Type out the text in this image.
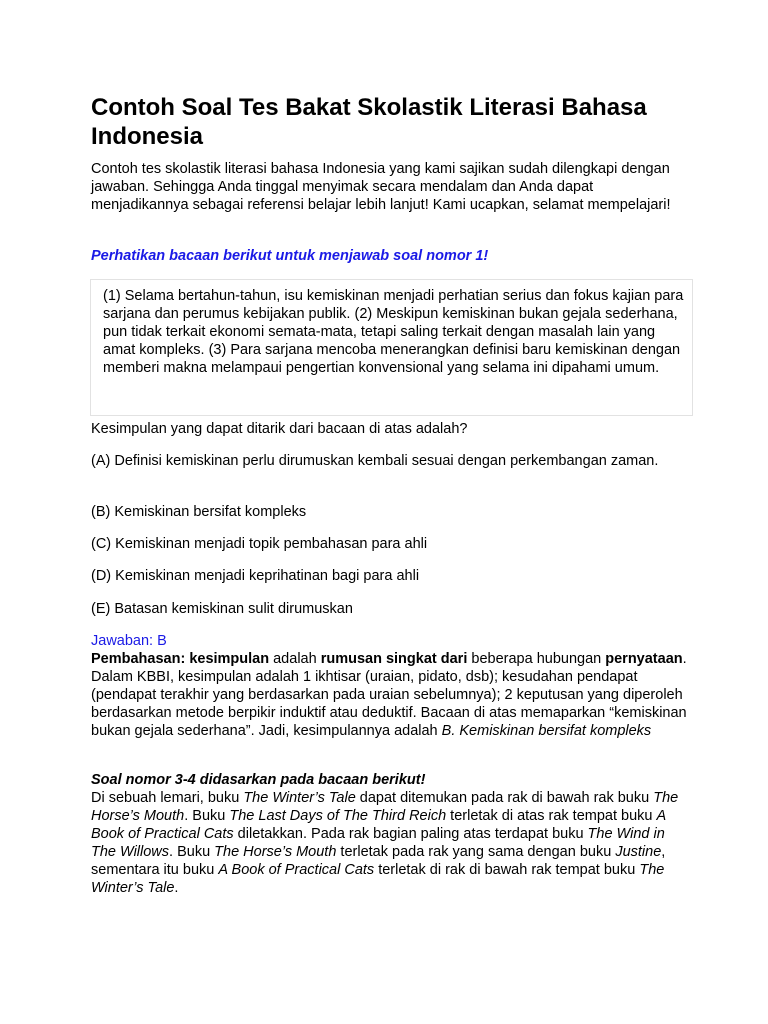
Contoh Soal Tes Bakat Skolastik Literasi Bahasa Indonesia

Contoh tes skolastik literasi bahasa Indonesia yang kami sajikan sudah dilengkapi dengan jawaban. Sehingga Anda tinggal menyimak secara mendalam dan Anda dapat menjadikannya sebagai referensi belajar lebih lanjut! Kami ucapkan, selamat mempelajari!

Perhatikan bacaan berikut untuk menjawab soal nomor 1!

(1) Selama bertahun-tahun, isu kemiskinan menjadi perhatian serius dan fokus kajian para sarjana dan perumus kebijakan publik. (2) Meskipun kemiskinan bukan gejala sederhana, pun tidak terkait ekonomi semata-mata, tetapi saling terkait dengan masalah lain yang amat kompleks. (3) Para sarjana mencoba menerangkan definisi baru kemiskinan dengan memberi makna melampaui pengertian konvensional yang selama ini dipahami umum.

Kesimpulan yang dapat ditarik dari bacaan di atas adalah?

(A) Definisi kemiskinan perlu dirumuskan kembali sesuai dengan perkembangan zaman.

(B) Kemiskinan bersifat kompleks

(C) Kemiskinan menjadi topik pembahasan para ahli

(D) Kemiskinan menjadi keprihatinan bagi para ahli

(E) Batasan kemiskinan sulit dirumuskan

Jawaban: B

Pembahasan: kesimpulan adalah rumusan singkat dari beberapa hubungan pernyataan. Dalam KBBI, kesimpulan adalah 1 ikhtisar (uraian, pidato, dsb); kesudahan pendapat (pendapat terakhir yang berdasarkan pada uraian sebelumnya); 2 keputusan yang diperoleh berdasarkan metode berpikir induktif atau deduktif. Bacaan di atas memaparkan “kemiskinan bukan gejala sederhana”. Jadi, kesimpulannya adalah B. Kemiskinan bersifat kompleks

Soal nomor 3-4 didasarkan pada bacaan berikut!

Di sebuah lemari, buku The Winter’s Tale dapat ditemukan pada rak di bawah rak buku The Horse’s Mouth. Buku The Last Days of The Third Reich terletak di atas rak tempat buku A Book of Practical Cats diletakkan. Pada rak bagian paling atas terdapat buku The Wind in The Willows. Buku The Horse’s Mouth terletak pada rak yang sama dengan buku Justine, sementara itu buku A Book of Practical Cats terletak di rak di bawah rak tempat buku The Winter’s Tale.
